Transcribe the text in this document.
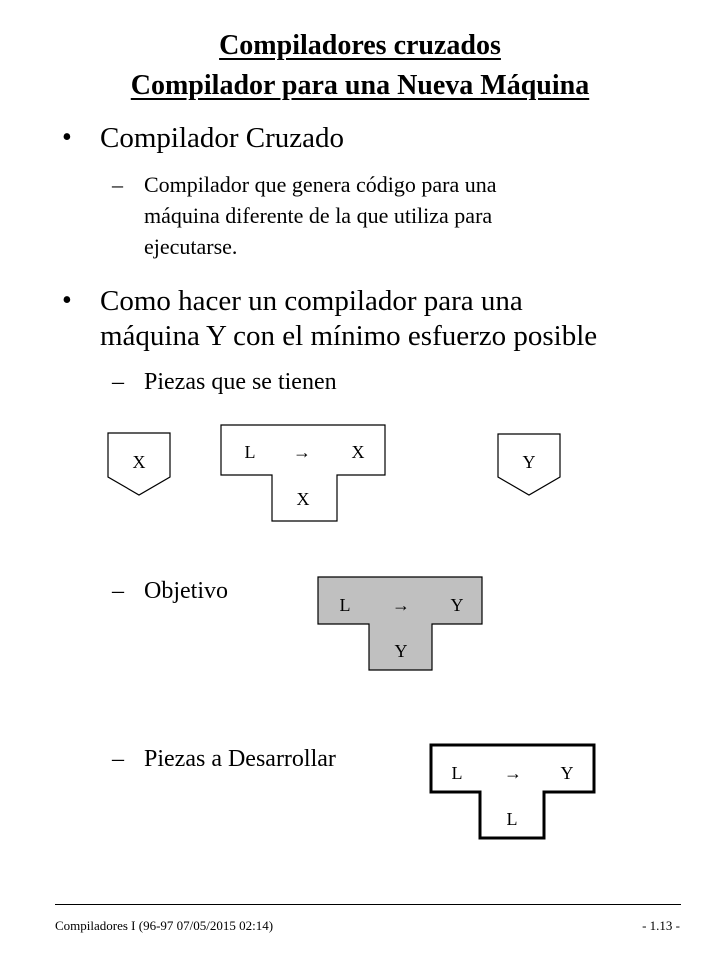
Compiladores cruzados
Compilador para una Nueva Máquina
• Compilador Cruzado
– Compilador que genera código para una
máquina diferente de la que utiliza para
ejecutarse.
• Como hacer un compilador para una
máquina Y con el mínimo esfuerzo posible
– Piezas que se tienen
– Objetivo
– Piezas a Desarrollar
X	L → X
X
Y
L → Y
Y
L → Y
L
Compiladores I (96-97 07/05/2015 02:14)	- 1.13 -
